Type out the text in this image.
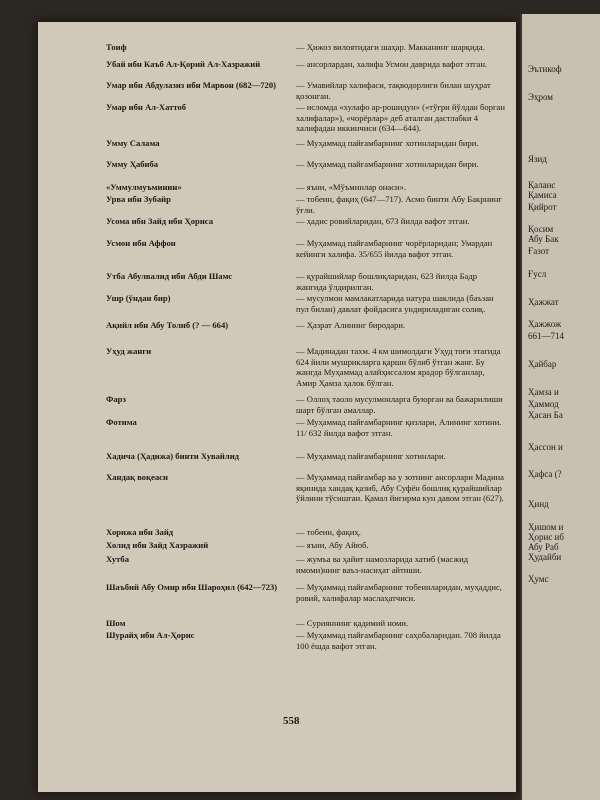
Тоиф	— Ҳижоз вилоятидаги шаҳар. Макканинг шарқида.
Убай ибн Каъб Ал-Қорий Ал-Хазражий	— ансорлардан, халифа Усмон даврида вафот этган.
Умар ибн Абдулазиз ибн Марвон (682—720)	— Умавийлар халифаси, тақводорлиги билан шуҳрат қозонган.
Умар ибн Ал-Хаттоб	— исломда «хулафо ар-рошидун» («тўғри йўлдан борган халифалар»), «чорёрлар» деб аталган дастлабки 4 халифадан иккинчиси (634—644).
Умму Салама	— Муҳаммад пайғамбарнинг хотинларидан бири.
Умму Ҳабиба	— Муҳаммад пайғамбарнинг хотинларидан бири.
«Уммулмуъминин»	— яъни, «Мўъминлар онаси».
Урва ибн Зубайр	— тобеин, фақиҳ (647—717). Асмо бинти Абу Бакрнинг ўғли.
Усома ибн Зайд ибн Ҳориса	— ҳадис ровийларидан, 673 йилда вафот этган.
Усмон ибн Аффон	— Муҳаммад пайғамбарнинг чорёрларидан; Умардан кейинги халифа. 35/655 йилда вафот этган.
Утба Абулвалид ибн Абди Шамс	— қурайшийлар бошлиқларидан, 623 йилда Бадр жангида ўлдирилган.
Ушр (ўндан бир)	— мусулмон мамлакатларида натура шаклида (баъзан пул билан) давлат фойдасига ундириладиган солиқ.
Ақийл ибн Абу Толиб (? — 664)	— Ҳазрат Алининг биродари.
Уҳуд жанги	— Мадинадан тахм. 4 км шимолдаги Уҳуд тоғи этагида 624 йили мушрикларга қарши бўлиб ўтган жанг. Бу жангда Муҳаммад алайҳиссалом ярадор бўлганлар, Амир Ҳамза ҳалок бўлган.
Фарз	— Оллоҳ таоло мусулмонларга буюрган ва бажарилиши шарт бўлган амаллар.
Фотима	— Муҳаммад пайғамбарнинг қизлари, Алининг хотини. 11/ 632 йилда вафот этган.
Хадича (Ҳадижа) бинти Хувайлид	— Муҳаммад пайғамбарнинг хотинлари.
Хандақ воқеаси	— Муҳаммад пайғамбар ва у зотнинг ансорлари Мадина яқинида хандақ қазиб, Абу Суфён бошлиқ қурайшийлар ўйлини тўсишган. Қамал йигирма кун давом этган (627).
Хорижа ибн Зайд	— тобеин, фақиҳ.
Холид ибн Зайд Хазражий	— яъни, Абу Айюб.
Хутба	— жумъа ва ҳайит намозларида хатиб (масжид имоми)нинг ваъз-насиҳат айтиши.
Шаъбий Абу Омир ибн Шароҳил (642—723)	— Муҳаммад пайғамбарнинг тобеинларидан, муҳаддис, ровий, халифалар маслаҳатчиси.
Шом	— Сурияннинг қадимий номи.
Шурайҳ ибн Ал-Ҳорис	— Муҳаммад пайғамбарнинг саҳобаларидан. 708 йилда 100 ёшда вафот этган.
558
Эътикоф
Эҳром
Язид
Қаланс
Қамиса
Қийрот
Қосим
Абу Бак
Ғазот
Ғусл
Ҳажжат
Ҳажжож
661—714
Ҳайбар
Ҳамза и
Ҳаммод
Ҳасан Ба
Ҳассон и
Ҳафса (?
Ҳинд
Ҳишом и
Ҳорис иб
Абу Раб
Ҳудайби
Ҳумс
